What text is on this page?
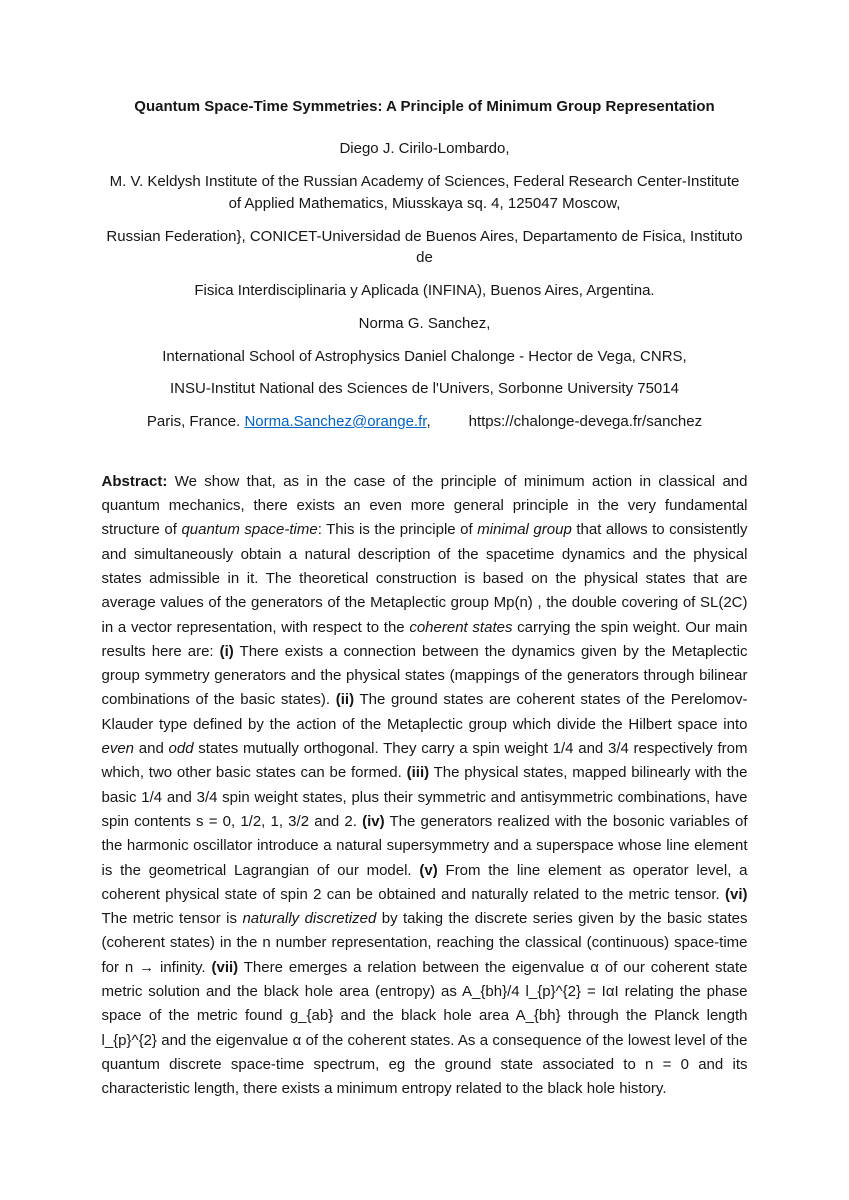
Quantum Space-Time Symmetries: A Principle of Minimum Group Representation

Diego J. Cirilo-Lombardo,

M. V. Keldysh Institute of the Russian Academy of Sciences, Federal Research Center-Institute of Applied Mathematics, Miusskaya sq. 4, 125047 Moscow,

Russian Federation}, CONICET-Universidad de Buenos Aires, Departamento de Fisica, Instituto de

Fisica Interdisciplinaria y Aplicada (INFINA), Buenos Aires, Argentina.

Norma G. Sanchez,

International School of Astrophysics Daniel Chalonge - Hector de Vega, CNRS,

INSU-Institut National des Sciences de l'Univers, Sorbonne University 75014

Paris, France. Norma.Sanchez@orange.fr,	https://chalonge-devega.fr/sanchez

Abstract: We show that, as in the case of the principle of minimum action in classical and quantum mechanics, there exists an even more general principle in the very fundamental structure of quantum space-time: This is the principle of minimal group that allows to consistently and simultaneously obtain a natural description of the spacetime dynamics and the physical states admissible in it. The theoretical construction is based on the physical states that are average values of the generators of the Metaplectic group Mp(n) , the double covering of SL(2C) in a vector representation, with respect to the coherent states carrying the spin weight. Our main results here are: (i) There exists a connection between the dynamics given by the Metaplectic group symmetry generators and the physical states (mappings of the generators through bilinear combinations of the basic states). (ii) The ground states are coherent states of the Perelomov-Klauder type defined by the action of the Metaplectic group which divide the Hilbert space into even and odd states mutually orthogonal. They carry a spin weight 1/4 and 3/4 respectively from which, two other basic states can be formed. (iii) The physical states, mapped bilinearly with the basic 1/4 and 3/4 spin weight states, plus their symmetric and antisymmetric combinations, have spin contents s = 0, 1/2, 1, 3/2 and 2. (iv) The generators realized with the bosonic variables of the harmonic oscillator introduce a natural supersymmetry and a superspace whose line element is the geometrical Lagrangian of our model. (v) From the line element as operator level, a coherent physical state of spin 2 can be obtained and naturally related to the metric tensor. (vi) The metric tensor is naturally discretized by taking the discrete series given by the basic states (coherent states) in the n number representation, reaching the classical (continuous) space-time for n → infinity. (vii) There emerges a relation between the eigenvalue α of our coherent state metric solution and the black hole area (entropy) as A_{bh}/4 l_{p}^{2} = IαI relating the phase space of the metric found g_{ab} and the black hole area A_{bh} through the Planck length l_{p}^{2} and the eigenvalue α of the coherent states. As a consequence of the lowest level of the quantum discrete space-time spectrum, eg the ground state associated to n = 0 and its characteristic length, there exists a minimum entropy related to the black hole history.
